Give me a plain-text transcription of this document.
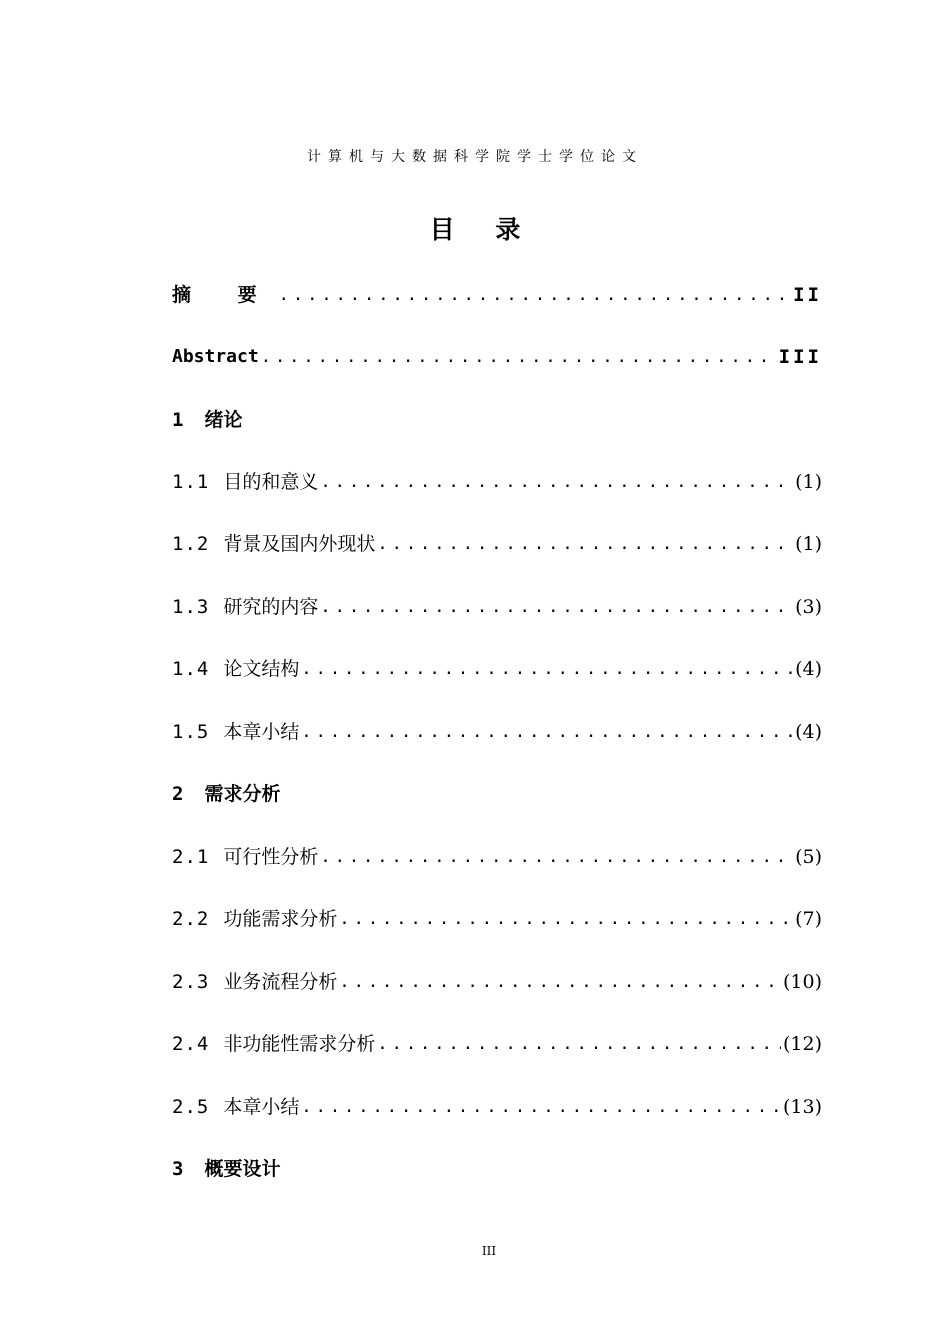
计算机与大数据科学院学士学位论文
目 录
摘 要 .....	II
Abstract .....	III
1 绪论
1.1 目的和意义 .....	(1)
1.2 背景及国内外现状 .....	(1)
1.3 研究的内容 .....	(3)
1.4 论文结构 .....	(4)
1.5 本章小结 .....	(4)
2 需求分析
2.1 可行性分析 .....	(5)
2.2 功能需求分析 .....	(7)
2.3 业务流程分析 .....	(10)
2.4 非功能性需求分析 .....	(12)
2.5 本章小结 .....	(13)
3 概要设计
III
